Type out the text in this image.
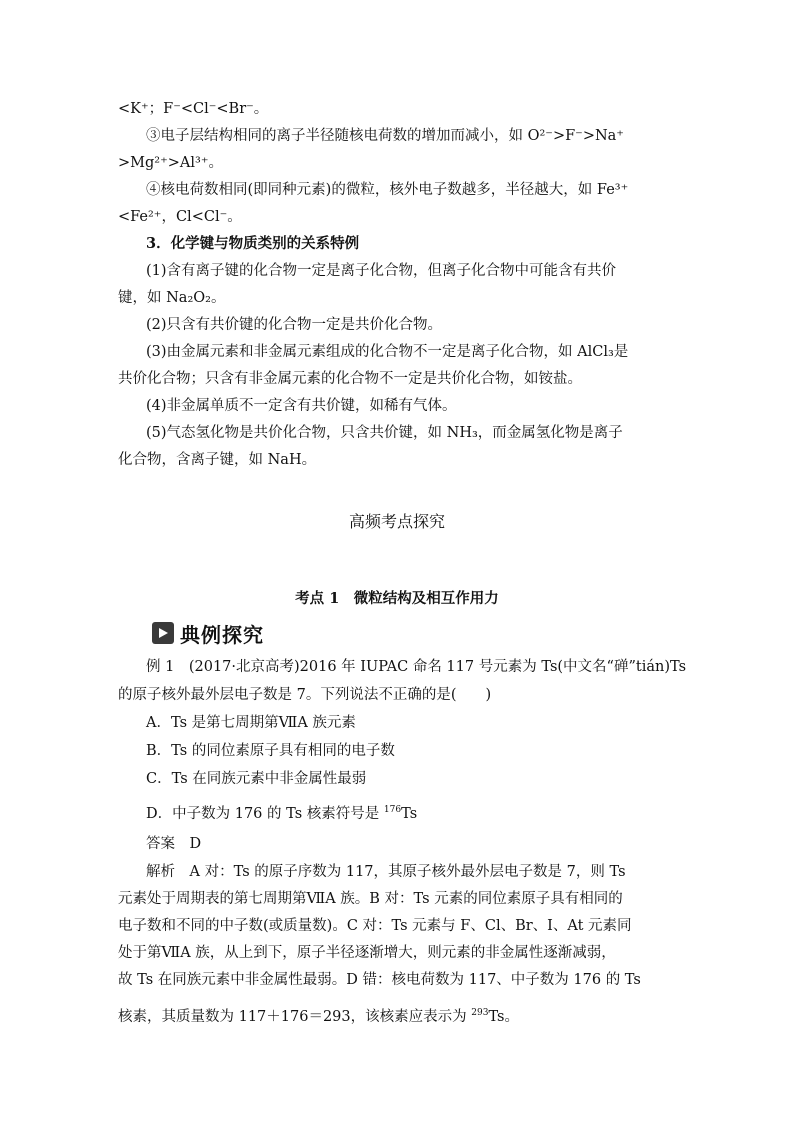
<K⁺；F⁻<Cl⁻<Br⁻。
③电子层结构相同的离子半径随核电荷数的增加而减小，如 O²⁻>F⁻>Na⁺
>Mg²⁺>Al³⁺。
④核电荷数相同(即同种元素)的微粒，核外电子数越多，半径越大，如 Fe³⁺
<Fe²⁺，Cl<Cl⁻。
3．化学键与物质类别的关系特例
(1)含有离子键的化合物一定是离子化合物，但离子化合物中可能含有共价
键，如 Na₂O₂。
(2)只含有共价键的化合物一定是共价化合物。
(3)由金属元素和非金属元素组成的化合物不一定是离子化合物，如 AlCl₃是
共价化合物；只含有非金属元素的化合物不一定是共价化合物，如铵盐。
(4)非金属单质不一定含有共价键，如稀有气体。
(5)气态氢化物是共价化合物，只含共价键，如 NH₃，而金属氢化物是离子
化合物，含离子键，如 NaH。
高频考点探究
考点 1　微粒结构及相互作用力
典例探究
例 1　(2017·北京高考)2016 年 IUPAC 命名 117 号元素为 Ts(中文名“䃅”tián)Ts
的原子核外最外层电子数是 7。下列说法不正确的是(　　)
A．Ts 是第七周期第ⅦA 族元素
B．Ts 的同位素原子具有相同的电子数
C．Ts 在同族元素中非金属性最弱
D．中子数为 176 的 Ts 核素符号是 $^{176}$Ts
答案　D
解析　A 对：Ts 的原子序数为 117，其原子核外最外层电子数是 7，则 Ts
元素处于周期表的第七周期第ⅦA 族。B 对：Ts 元素的同位素原子具有相同的
电子数和不同的中子数(或质量数)。C 对：Ts 元素与 F、Cl、Br、I、At 元素同
处于第ⅦA 族，从上到下，原子半径逐渐增大，则元素的非金属性逐渐减弱，
故 Ts 在同族元素中非金属性最弱。D 错：核电荷数为 117、中子数为 176 的 Ts
核素，其质量数为 117＋176＝293，该核素应表示为 $^{293}$Ts。
